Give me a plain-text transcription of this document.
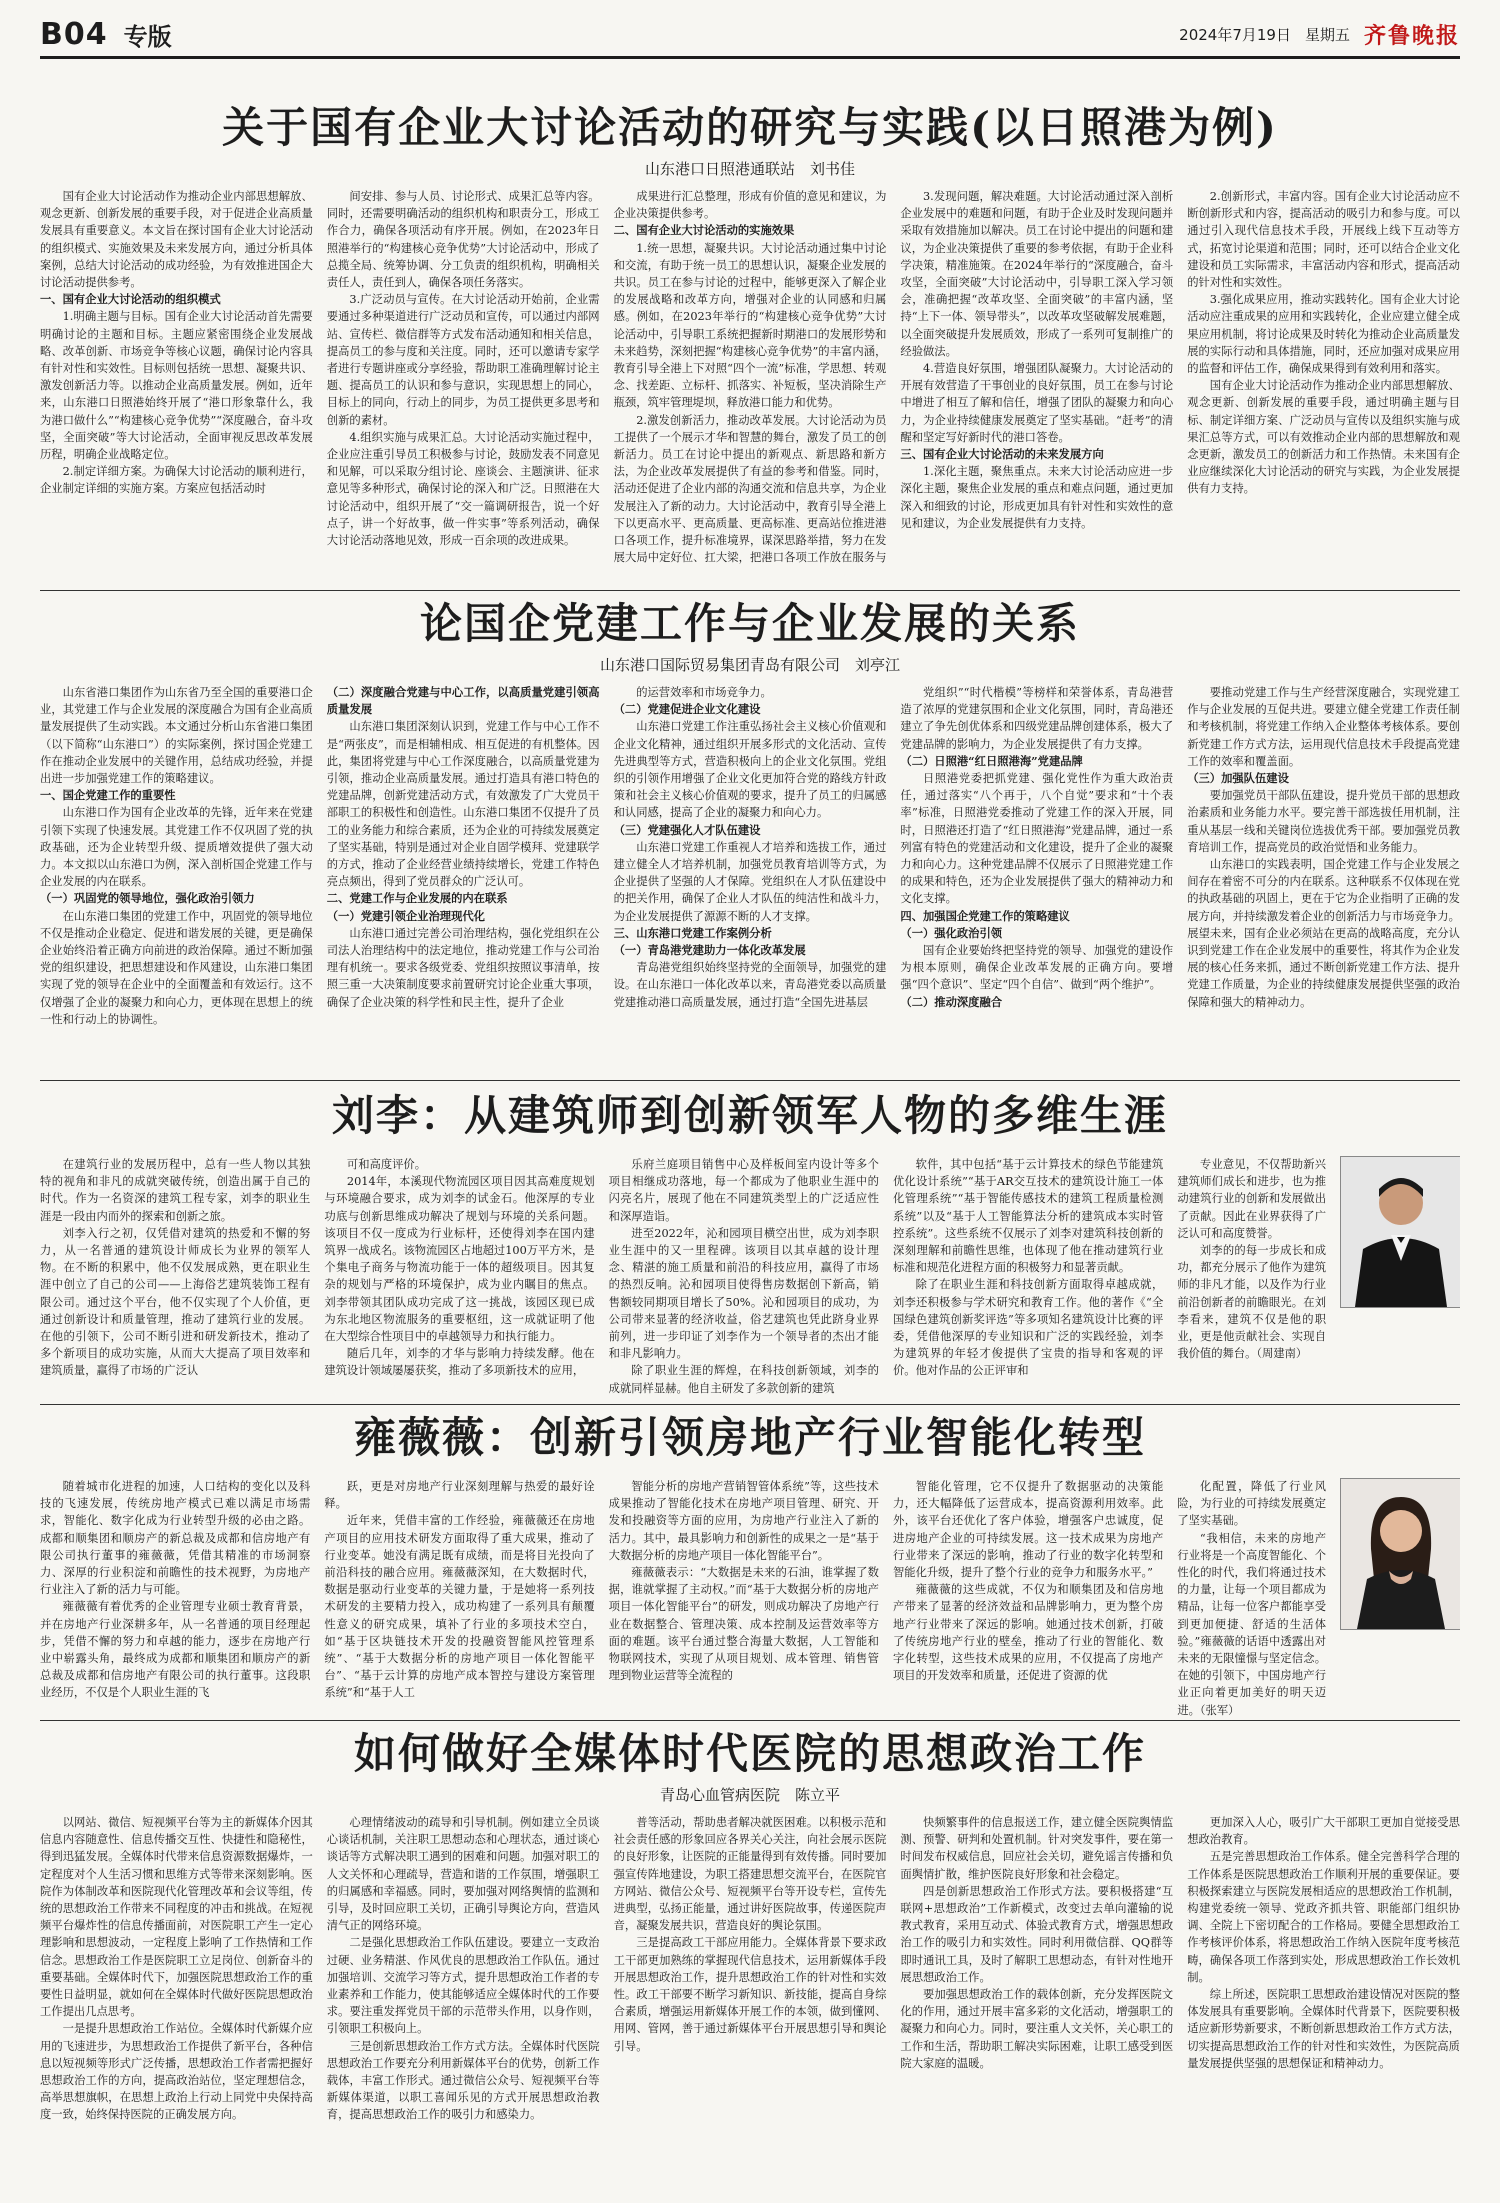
B04 专版	2024年7月19日 星期五 齐鲁晚报
关于国有企业大讨论活动的研究与实践(以日照港为例)
山东港口日照港通联站　刘书佳

国有企业大讨论活动作为推动企业内部思想解放、观念更新、创新发展的重要手段，对于促进企业高质量发展具有重要意义。本文旨在探讨国有企业大讨论活动的组织模式、实施效果及未来发展方向，通过分析具体案例，总结大讨论活动的成功经验，为有效推进国企大讨论活动提供参考。

一、国有企业大讨论活动的组织模式

1.明确主题与目标。国有企业大讨论活动首先需要明确讨论的主题和目标。主题应紧密围绕企业发展战略、改革创新、市场竞争等核心议题，确保讨论内容具有针对性和实效性。目标则包括统一思想、凝聚共识、激发创新活力等。以推动企业高质量发展。例如，近年来，山东港口日照港始终开展了“港口形象靠什么，我为港口做什么”“构建核心竞争优势”“深度融合，奋斗攻坚，全面突破”等大讨论活动，全面审视反思改革发展历程，明确企业战略定位。

2.制定详细方案。为确保大讨论活动的顺利进行，企业制定详细的实施方案。方案应包括活动时

间安排、参与人员、讨论形式、成果汇总等内容。同时，还需要明确活动的组织机构和职责分工，形成工作合力，确保各项活动有序开展。例如，在2023年日照港举行的“构建核心竞争优势”大讨论活动中，形成了总揽全局、统筹协调、分工负责的组织机构，明确相关责任人，责任到人，确保各项任务落实。

3.广泛动员与宣传。在大讨论活动开始前，企业需要通过多种渠道进行广泛动员和宣传，可以通过内部网站、宣传栏、微信群等方式发布活动通知和相关信息，提高员工的参与度和关注度。同时，还可以邀请专家学者进行专题讲座或分享经验，帮助职工准确理解讨论主题、提高员工的认识和参与意识，实现思想上的同心，目标上的同向，行动上的同步，为员工提供更多思考和创新的素材。

4.组织实施与成果汇总。大讨论活动实施过程中，企业应注重引导员工积极参与讨论，鼓励发表不同意见和见解，可以采取分组讨论、座谈会、主题演讲、征求意见等多种形式，确保讨论的深入和广泛。日照港在大讨论活动中，组织开展了“交一篇调研报告，说一个好点子，讲一个好故事，做一件实事”等系列活动，确保大讨论活动落地见效，形成一百余项的改进成果。

成果进行汇总整理，形成有价值的意见和建议，为企业决策提供参考。

二、国有企业大讨论活动的实施效果

1.统一思想，凝聚共识。大讨论活动通过集中讨论和交流，有助于统一员工的思想认识，凝聚企业发展的共识。员工在参与讨论的过程中，能够更深入了解企业的发展战略和改革方向，增强对企业的认同感和归属感。例如，在2023年举行的“构建核心竞争优势”大讨论活动中，引导职工系统把握新时期港口的发展形势和未来趋势，深刻把握“构建核心竞争优势”的丰富内涵，教育引导全港上下对照“四个一流”标准，学思想、转观念、找差距、立标杆、抓落实、补短板，坚决消除生产瓶颈，筑牢管理堤坝，释放港口能力和优势。

2.激发创新活力，推动改革发展。大讨论活动为员工提供了一个展示才华和智慧的舞台，激发了员工的创新活力。员工在讨论中提出的新观点、新思路和新方法，为企业改革发展提供了有益的参考和借鉴。同时，活动还促进了企业内部的沟通交流和信息共享，为企业发展注入了新的动力。大讨论活动中，教育引导全港上下以更高水平、更高质量、更高标准、更高站位推进港口各项工作，提升标准境界，谋深思路举措，努力在发展大局中定好位、扛大梁，把港口各项工作放在服务与

3.发现问题，解决难题。大讨论活动通过深入剖析企业发展中的难题和问题，有助于企业及时发现问题并采取有效措施加以解决。员工在讨论中提出的问题和建议，为企业决策提供了重要的参考依据，有助于企业科学决策，精准施策。在2024年举行的“深度融合，奋斗攻坚，全面突破”大讨论活动中，引导职工深入学习领会，准确把握“改革攻坚、全面突破”的丰富内涵，坚持“上下一体、领导带头”，以改革攻坚破解发展难题，以全面突破提升发展质效，形成了一系列可复制推广的经验做法。

4.营造良好氛围，增强团队凝聚力。大讨论活动的开展有效营造了干事创业的良好氛围，员工在参与讨论中增进了相互了解和信任，增强了团队的凝聚力和向心力，为企业持续健康发展奠定了坚实基础。“赶考”的清醒和坚定写好新时代的港口答卷。

三、国有企业大讨论活动的未来发展方向

1.深化主题，聚焦重点。未来大讨论活动应进一步深化主题，聚焦企业发展的重点和难点问题，通过更加深入和细致的讨论，形成更加具有针对性和实效性的意见和建议，为企业发展提供有力支持。

2.创新形式，丰富内容。国有企业大讨论活动应不断创新形式和内容，提高活动的吸引力和参与度。可以通过引入现代信息技术手段，开展线上线下互动等方式，拓宽讨论渠道和范围；同时，还可以结合企业文化建设和员工实际需求，丰富活动内容和形式，提高活动的针对性和实效性。

3.强化成果应用，推动实践转化。国有企业大讨论活动应注重成果的应用和实践转化，企业应建立健全成果应用机制，将讨论成果及时转化为推动企业高质量发展的实际行动和具体措施，同时，还应加强对成果应用的监督和评估工作，确保成果得到有效利用和落实。

国有企业大讨论活动作为推动企业内部思想解放、观念更新、创新发展的重要手段，通过明确主题与目标、制定详细方案、广泛动员与宣传以及组织实施与成果汇总等方式，可以有效推动企业内部的思想解放和观念更新，激发员工的创新活力和工作热情。未来国有企业应继续深化大讨论活动的研究与实践，为企业发展提供有力支持。

论国企党建工作与企业发展的关系
山东港口国际贸易集团青岛有限公司　刘亭江

山东省港口集团作为山东省乃至全国的重要港口企业，其党建工作与企业发展的深度融合为国有企业高质量发展提供了生动实践。本文通过分析山东省港口集团（以下简称“山东港口”）的实际案例，探讨国企党建工作在推动企业发展中的关键作用，总结成功经验，并提出进一步加强党建工作的策略建议。

一、国企党建工作的重要性

山东港口作为国有企业改革的先锋，近年来在党建引领下实现了快速发展。其党建工作不仅巩固了党的执政基础，还为企业转型升级、提质增效提供了强大动力。本文拟以山东港口为例，深入剖析国企党建工作与企业发展的内在联系。

（一）巩固党的领导地位，强化政治引领力

在山东港口集团的党建工作中，巩固党的领导地位不仅是推动企业稳定、促进和谐发展的关键，更是确保企业始终沿着正确方向前进的政治保障。通过不断加强党的组织建设，把思想建设和作风建设，山东港口集团实现了党的领导在企业中的全面覆盖和有效运行。这不仅增强了企业的凝聚力和向心力，更体现在思想上的统一性和行动上的协调性。

（二）深度融合党建与中心工作，以高质量党建引领高质量发展

山东港口集团深刻认识到，党建工作与中心工作不是“两张皮”，而是相辅相成、相互促进的有机整体。因此，集团将党建与中心工作深度融合，以高质量党建为引领，推动企业高质量发展。通过打造具有港口特色的党建品牌，创新党建活动方式，有效激发了广大党员干部职工的积极性和创造性。山东港口集团不仅提升了员工的业务能力和综合素质，还为企业的可持续发展奠定了坚实基础，特别是通过对企业自固学模拜、党建联学的方式，推动了企业经营业绩持续增长，党建工作特色亮点频出，得到了党员群众的广泛认可。

二、党建工作与企业发展的内在联系

（一）党建引领企业治理现代化

山东港口通过完善公司治理结构，强化党组织在公司法人治理结构中的法定地位，推动党建工作与公司治理有机统一。要求各级党委、党组织按照议事清单，按照三重一大决策制度要求前置研究讨论企业重大事项，确保了企业决策的科学性和民主性，提升了企业

的运营效率和市场竞争力。

（二）党建促进企业文化建设

山东港口党建工作注重弘扬社会主义核心价值观和企业文化精神，通过组织开展多形式的文化活动、宣传先进典型等方式，营造积极向上的企业文化氛围。党组织的引领作用增强了企业文化更加符合党的路线方针政策和社会主义核心价值观的要求，提升了员工的归属感和认同感，提高了企业的凝聚力和向心力。

（三）党建强化人才队伍建设

山东港口党建工作重视人才培养和选拔工作，通过建立健全人才培养机制，加强党员教育培训等方式，为企业提供了坚强的人才保障。党组织在人才队伍建设中的把关作用，确保了企业人才队伍的纯洁性和战斗力，为企业发展提供了源源不断的人才支撑。

三、山东港口党建工作案例分析

（一）青岛港党建助力一体化改革发展

青岛港党组织始终坚持党的全面领导，加强党的建设。在山东港口一体化改革以来，青岛港党委以高质量党建推动港口高质量发展，通过打造“全国先进基层

党组织”“时代楷模”等榜样和荣誉体系，青岛港营造了浓厚的党建氛围和企业文化氛围，同时，青岛港还建立了争先创优体系和四级党建品牌创建体系，极大了党建品牌的影响力，为企业发展提供了有力支撑。

（二）日照港“红日照港海”党建品牌

日照港党委把抓党建、强化党性作为重大政治责任，通过落实“八个再于，八个自觉”要求和“十个表率”标准，日照港党委推动了党建工作的深入开展，同时，日照港还打造了“红日照港海”党建品牌，通过一系列富有特色的党建活动和文化建设，提升了企业的凝聚力和向心力。这种党建品牌不仅展示了日照港党建工作的成果和特色，还为企业发展提供了强大的精神动力和文化支撑。

四、加强国企党建工作的策略建议

（一）强化政治引领

国有企业要始终把坚持党的领导、加强党的建设作为根本原则，确保企业改革发展的正确方向。要增强“四个意识”、坚定“四个自信”、做到“两个维护”。

（二）推动深度融合

要推动党建工作与生产经营深度融合，实现党建工作与企业发展的互促共进。要建立健全党建工作责任制和考核机制，将党建工作纳入企业整体考核体系。要创新党建工作方式方法，运用现代信息技术手段提高党建工作的效率和覆盖面。

（三）加强队伍建设

要加强党员干部队伍建设，提升党员干部的思想政治素质和业务能力水平。要完善干部选拔任用机制，注重从基层一线和关键岗位选拔优秀干部。要加强党员教育培训工作，提高党员的政治觉悟和业务能力。

山东港口的实践表明，国企党建工作与企业发展之间存在着密不可分的内在联系。这种联系不仅体现在党的执政基础的巩固上，更在于它为企业指明了正确的发展方向，并持续激发着企业的创新活力与市场竞争力。展望未来，国有企业必须站在更高的战略高度，充分认识到党建工作在企业发展中的重要性，将其作为企业发展的核心任务来抓，通过不断创新党建工作方法、提升党建工作质量，为企业的持续健康发展提供坚强的政治保障和强大的精神动力。

刘李：从建筑师到创新领军人物的多维生涯

在建筑行业的发展历程中，总有一些人物以其独特的视角和非凡的成就突破传统，创造出属于自己的时代。作为一名资深的建筑工程专家，刘李的职业生涯是一段由内而外的探索和创新之旅。

刘李入行之初，仅凭借对建筑的热爱和不懈的努力，从一名普通的建筑设计师成长为业界的领军人物。在不断的积累中，他不仅发展成熟，更在职业生涯中创立了自己的公司——上海俗艺建筑装饰工程有限公司。通过这个平台，他不仅实现了个人价值，更通过创新设计和质量管理，推动了建筑行业的发展。在他的引领下，公司不断引进和研发新技术，推动了多个新项目的成功实施，从而大大提高了项目效率和建筑质量，赢得了市场的广泛认

可和高度评价。

2014年，本溪现代物流园区项目因其高难度规划与环境融合要求，成为刘李的试金石。他深厚的专业功底与创新思维成功解决了规划与环境的关系问题。该项目不仅一度成为行业标杆，还使得刘李在国内建筑界一战成名。该物流园区占地超过100万平方米，是个集电子商务与物流功能于一体的超级项目。因其复杂的规划与严格的环境保护，成为业内瞩目的焦点。刘李带领其团队成功完成了这一挑战，该园区现已成为东北地区物流服务的重要枢纽，这一成就证明了他在大型综合性项目中的卓越领导力和执行能力。

随后几年，刘李的才华与影响力持续发酵。他在建筑设计领域屡屡获奖，推动了多项新技术的应用，

乐府兰庭项目销售中心及样板间室内设计等多个项目相继成功落地，每一个都成为了他职业生涯中的闪亮名片，展现了他在不同建筑类型上的广泛适应性和深厚造诣。

进至2022年，沁和园项目横空出世，成为刘李职业生涯中的又一里程碑。该项目以其卓越的设计理念、精湛的施工质量和前沿的科技应用，赢得了市场的热烈反响。沁和园项目使得售房数据创下新高，销售额较同期项目增长了50%。沁和园项目的成功，为公司带来显著的经济收益，俗艺建筑也凭此跻身业界前列，进一步印证了刘李作为一个领导者的杰出才能和非凡影响力。

除了职业生涯的辉煌，在科技创新领域，刘李的成就同样显赫。他自主研发了多款创新的建筑

软件，其中包括“基于云计算技术的绿色节能建筑优化设计系统”“基于AR交互技术的建筑设计施工一体化管理系统”“基于智能传感技术的建筑工程质量检测系统”以及“基于人工智能算法分析的建筑成本实时管控系统”。这些系统不仅展示了刘李对建筑科技创新的深刻理解和前瞻性思维，也体现了他在推动建筑行业标准和规范化进程方面的积极努力和显著贡献。

除了在职业生涯和科技创新方面取得卓越成就，刘李还积极参与学术研究和教育工作。他的著作《“全国绿色建筑创新奖评选”等多项知名建筑设计比赛的评委，凭借他深厚的专业知识和广泛的实践经验，刘李为建筑界的年轻才俊提供了宝贵的指导和客观的评价。他对作品的公正评审和

专业意见，不仅帮助新兴建筑师们成长和进步，也为推动建筑行业的创新和发展做出了贡献。因此在业界获得了广泛认可和高度赞誉。

刘李的的每一步成长和成功，都充分展示了他作为建筑师的非凡才能，以及作为行业前沿创新者的前瞻眼光。在刘李看来，建筑不仅是他的职业，更是他贡献社会、实现自我价值的舞台。（周建南）

雍薇薇：创新引领房地产行业智能化转型

随着城市化进程的加速，人口结构的变化以及科技的飞速发展，传统房地产模式已难以满足市场需求，智能化、数字化成为行业转型升级的必由之路。成都和顺集团和顺房产的新总裁及成都和信房地产有限公司执行董事的雍薇薇，凭借其精准的市场洞察力、深厚的行业积淀和前瞻性的技术视野，为房地产行业注入了新的活力与可能。

雍薇薇有着优秀的企业管理专业硕士教育背景，并在房地产行业深耕多年，从一名普通的项目经理起步，凭借不懈的努力和卓越的能力，逐步在房地产行业中崭露头角，最终成为成都和顺集团和顺房产的新总裁及成都和信房地产有限公司的执行董事。这段职业经历，不仅是个人职业生涯的飞

跃，更是对房地产行业深刻理解与热爱的最好诠释。

近年来，凭借丰富的工作经验，雍薇薇还在房地产项目的应用技术研发方面取得了重大成果，推动了行业变革。她没有满足既有成绩，而是将目光投向了前沿科技的融合应用。雍薇薇深知，在大数据时代，数据是驱动行业变革的关键力量，于是她将一系列技术研发的主要精力投入，成功构建了一系列具有颠覆性意义的研究成果，填补了行业的多项技术空白，如“基于区块链技术开发的投融资智能风控管理系统”、“基于大数据分析的房地产项目一体化智能平台”、“基于云计算的房地产成本智控与建设方案管理系统”和“基于人工

智能分析的房地产营销智管体系统”等，这些技术成果推动了智能化技术在房地产项目管理、研究、开发和投融资等方面的应用，为房地产行业注入了新的活力。其中，最具影响力和创新性的成果之一是“基于大数据分析的房地产项目一体化智能平台”。

雍薇薇表示：“大数据是未来的石油，谁掌握了数据，谁就掌握了主动权。”而“基于大数据分析的房地产项目一体化智能平台”的研发，则成功解决了房地产行业在数据整合、管理决策、成本控制及运营效率等方面的难题。该平台通过整合海量大数据，人工智能和物联网技术，实现了从项目规划、成本管理、销售管理到物业运营等全流程的

智能化管理，它不仅提升了数据驱动的决策能力，还大幅降低了运营成本，提高资源利用效率。此外，该平台还优化了客户体验，增强客户忠诚度，促进房地产企业的可持续发展。这一技术成果为房地产行业带来了深远的影响，推动了行业的数字化转型和智能化升级，提升了整个行业的竞争力和服务水平。”

雍薇薇的这些成就，不仅为和顺集团及和信房地产带来了显著的经济效益和品牌影响力，更为整个房地产行业带来了深远的影响。她通过技术创新，打破了传统房地产行业的壁垒，推动了行业的智能化、数字化转型，这些技术成果的应用，不仅提高了房地产项目的开发效率和质量，还促进了资源的优

化配置，降低了行业风险，为行业的可持续发展奠定了坚实基础。

“我相信，未来的房地产行业将是一个高度智能化、个性化的时代，我们将通过技术的力量，让每一个项目都成为精品，让每一位客户都能享受到更加便捷、舒适的生活体验。”雍薇薇的话语中透露出对未来的无限憧憬与坚定信念。在她的引领下，中国房地产行业正向着更加美好的明天迈进。（张军）

如何做好全媒体时代医院的思想政治工作
青岛心血管病医院　陈立平

以网站、微信、短视频平台等为主的新媒体介因其信息内容随意性、信息传播交互性、快捷性和隐秘性，得到迅猛发展。全媒体时代带来信息资源数据爆炸，一定程度对个人生活习惯和思维方式等带来深刻影响。医院作为体制改革和医院现代化管理改革和会议等组，传统的思想政治工作带来不同程度的冲击和挑战。在短视频平台爆炸性的信息传播面前，对医院职工产生一定心理影响和思想波动，一定程度上影响了工作热情和工作信念。思想政治工作是医院职工立足岗位、创新奋斗的重要基础。全媒体时代下，加强医院思想政治工作的重要性日益明显，就如何在全媒体时代做好医院思想政治工作提出几点思考。

一是提升思想政治工作站位。全媒体时代新媒介应用的飞速进步，为思想政治工作提供了新平台，各种信息以短视频等形式广泛传播，思想政治工作者需把握好思想政治工作的方向，提高政治站位，坚定理想信念，高举思想旗帜，在思想上政治上行动上同党中央保持高度一致，始终保持医院的正确发展方向。

心理情绪波动的疏导和引导机制。例如建立全员谈心谈话机制，关注职工思想动态和心理状态，通过谈心谈话等方式解决职工遇到的困难和问题。加强对职工的人文关怀和心理疏导，营造和谐的工作氛围，增强职工的归属感和幸福感。同时，要加强对网络舆情的监测和引导，及时回应职工关切，正确引导舆论方向，营造风清气正的网络环境。

二是强化思想政治工作队伍建设。要建立一支政治过硬、业务精湛、作风优良的思想政治工作队伍。通过加强培训、交流学习等方式，提升思想政治工作者的专业素养和工作能力，使其能够适应全媒体时代的工作要求。要注重发挥党员干部的示范带头作用，以身作则，引领职工积极向上。

三是创新思想政治工作方式方法。全媒体时代医院思想政治工作要充分利用新媒体平台的优势，创新工作载体，丰富工作形式。通过微信公众号、短视频平台等新媒体渠道，以职工喜闻乐见的方式开展思想政治教育，提高思想政治工作的吸引力和感染力。

普等活动，帮助患者解决就医困难。以积极示范和社会责任感的形象回应各界关心关注，向社会展示医院的良好形象，让医院的正能量得到有效传播。同时要加强宣传阵地建设，为职工搭建思想交流平台，在医院官方网站、微信公众号、短视频平台等开设专栏，宣传先进典型，弘扬正能量，通过讲好医院故事，传递医院声音，凝聚发展共识，营造良好的舆论氛围。

三是提高政工干部应用能力。全媒体背景下要求政工干部更加熟练的掌握现代信息技术，运用新媒体手段开展思想政治工作，提升思想政治工作的针对性和实效性。政工干部要不断学习新知识、新技能，提高自身综合素质，增强运用新媒体开展工作的本领，做到懂网、用网、管网，善于通过新媒体平台开展思想引导和舆论引导。

快频繁事件的信息报送工作，建立健全医院舆情监测、预警、研判和处置机制。针对突发事件，要在第一时间发布权威信息，回应社会关切，避免谣言传播和负面舆情扩散，维护医院良好形象和社会稳定。

四是创新思想政治工作形式方法。要积极搭建“互联网+思想政治”工作新模式，改变过去单向灌输的说教式教育，采用互动式、体验式教育方式，增强思想政治工作的吸引力和实效性。同时利用微信群、QQ群等即时通讯工具，及时了解职工思想动态，有针对性地开展思想政治工作。

要加强思想政治工作的载体创新，充分发挥医院文化的作用，通过开展丰富多彩的文化活动，增强职工的凝聚力和向心力。同时，要注重人文关怀，关心职工的工作和生活，帮助职工解决实际困难，让职工感受到医院大家庭的温暖。

更加深入人心，吸引广大干部职工更加自觉接受思想政治教育。

五是完善思想政治工作体系。健全完善科学合理的工作体系是医院思想政治工作顺利开展的重要保证。要积极探索建立与医院发展相适应的思想政治工作机制，构建党委统一领导、党政齐抓共管、职能部门组织协调、全院上下密切配合的工作格局。要健全思想政治工作考核评价体系，将思想政治工作纳入医院年度考核范畴，确保各项工作落到实处，形成思想政治工作长效机制。

综上所述，医院职工思想政治建设情况对医院的整体发展具有重要影响。全媒体时代背景下，医院要积极适应新形势新要求，不断创新思想政治工作方式方法，切实提高思想政治工作的针对性和实效性，为医院高质量发展提供坚强的思想保证和精神动力。
